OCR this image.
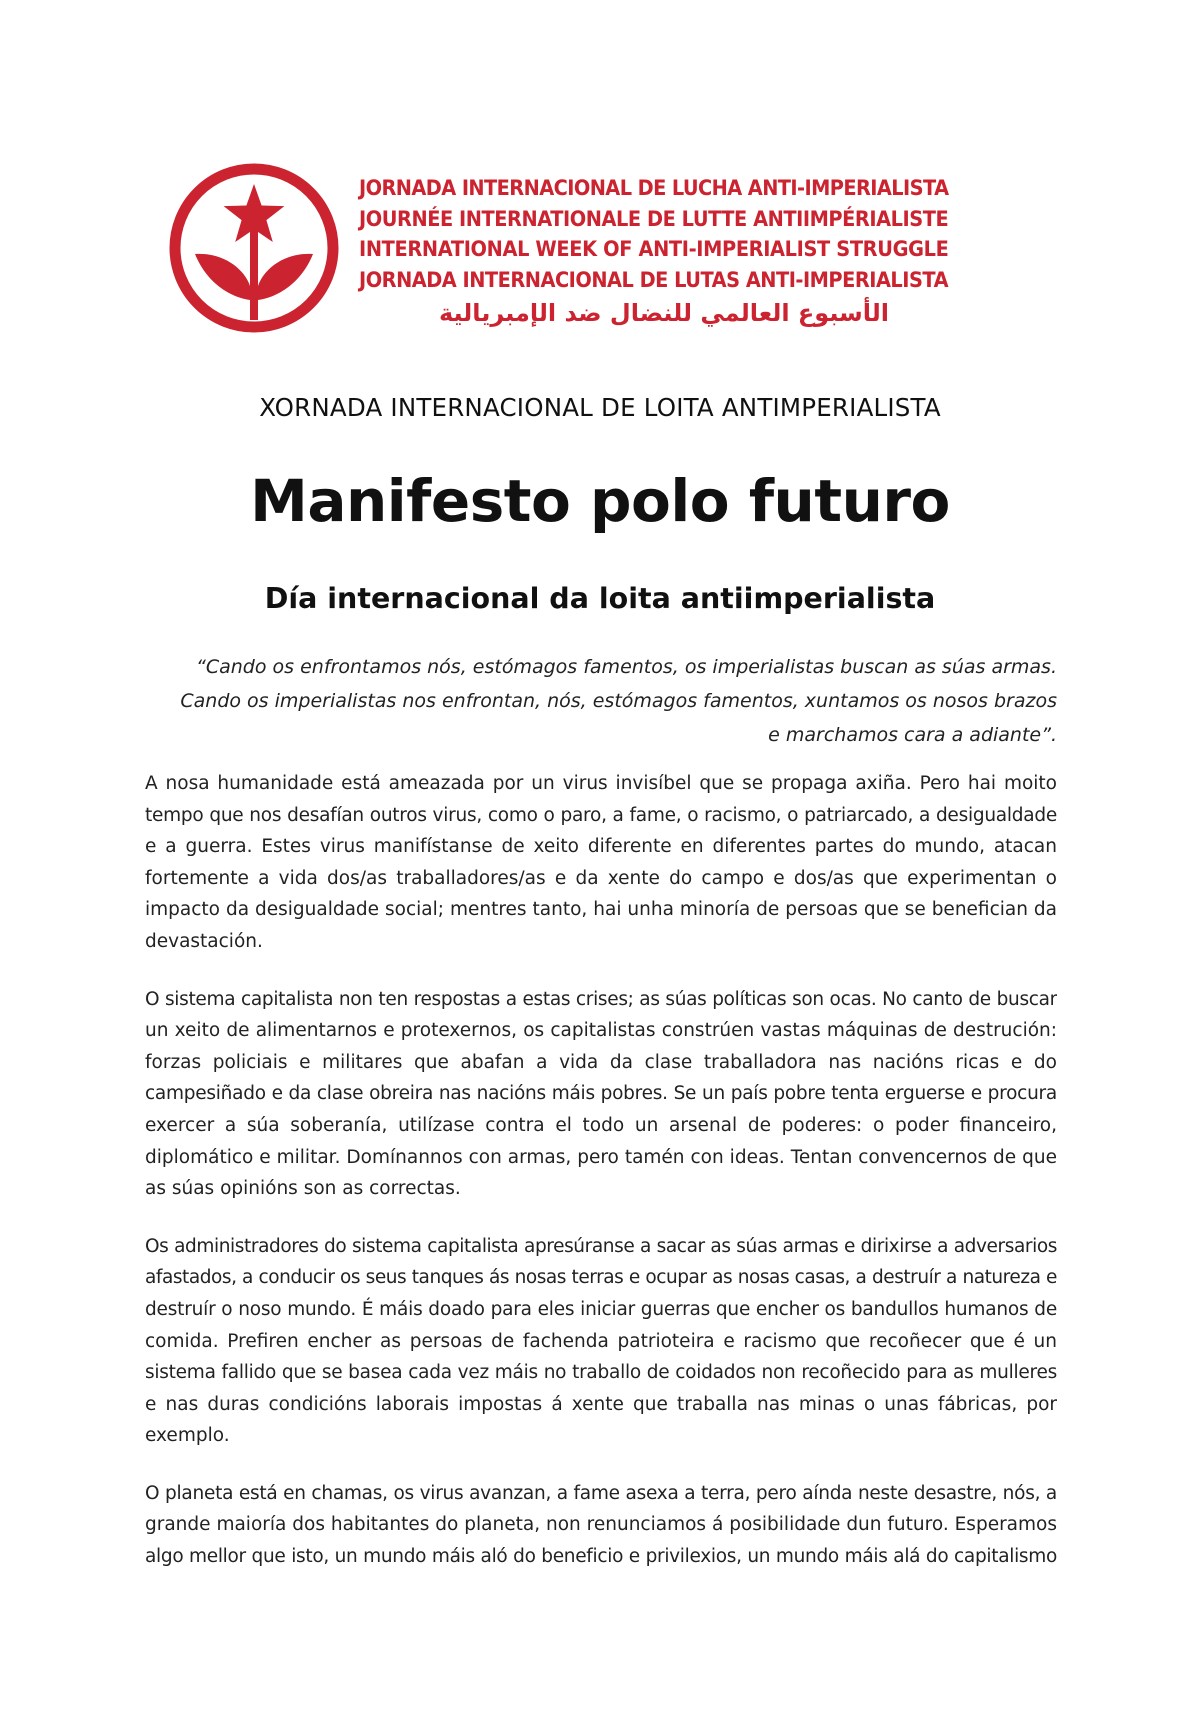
JORNADA INTERNACIONAL DE LUCHA ANTI-IMPERIALISTA
JOURNÉE INTERNATIONALE DE LUTTE ANTIIMPÉRIALISTE
INTERNATIONAL WEEK OF ANTI-IMPERIALIST STRUGGLE
JORNADA INTERNACIONAL DE LUTAS ANTI-IMPERIALISTA
الأسبوع العالمي للنضال ضد الإمبريالية
XORNADA INTERNACIONAL DE LOITA ANTIMPERIALISTA
Manifesto polo futuro
Día internacional da loita antiimperialista
“Cando os enfrontamos nós, estómagos famentos, os imperialistas buscan as súas armas.
Cando os imperialistas nos enfrontan, nós, estómagos famentos, xuntamos os nosos brazos
e marchamos cara a adiante”.
A nosa humanidade está ameazada por un virus invisíbel que se propaga axiña. Pero hai moito
tempo que nos desafían outros virus, como o paro, a fame, o racismo, o patriarcado, a desigualdade
e a guerra. Estes virus manifístanse de xeito diferente en diferentes partes do mundo, atacan
fortemente a vida dos/as traballadores/as e da xente do campo e dos/as que experimentan o
impacto da desigualdade social; mentres tanto, hai unha minoría de persoas que se benefician da
devastación.
O sistema capitalista non ten respostas a estas crises; as súas políticas son ocas. No canto de buscar
un xeito de alimentarnos e protexernos, os capitalistas constrúen vastas máquinas de destrución:
forzas policiais e militares que abafan a vida da clase traballadora nas nacións ricas e do
campesiñado e da clase obreira nas nacións máis pobres. Se un país pobre tenta erguerse e procura
exercer a súa soberanía, utilízase contra el todo un arsenal de poderes: o poder financeiro,
diplomático e militar. Domínannos con armas, pero tamén con ideas. Tentan convencernos de que
as súas opinións son as correctas.
Os administradores do sistema capitalista apresúranse a sacar as súas armas e dirixirse a adversarios
afastados, a conducir os seus tanques ás nosas terras e ocupar as nosas casas, a destruír a natureza e
destruír o noso mundo. É máis doado para eles iniciar guerras que encher os bandullos humanos de
comida. Prefiren encher as persoas de fachenda patrioteira e racismo que recoñecer que é un
sistema fallido que se basea cada vez máis no traballo de coidados non recoñecido para as mulleres
e nas duras condicións laborais impostas á xente que traballa nas minas o unas fábricas, por
exemplo.
O planeta está en chamas, os virus avanzan, a fame asexa a terra, pero aínda neste desastre, nós, a
grande maioría dos habitantes do planeta, non renunciamos á posibilidade dun futuro. Esperamos
algo mellor que isto, un mundo máis aló do beneficio e privilexios, un mundo máis alá do capitalismo
